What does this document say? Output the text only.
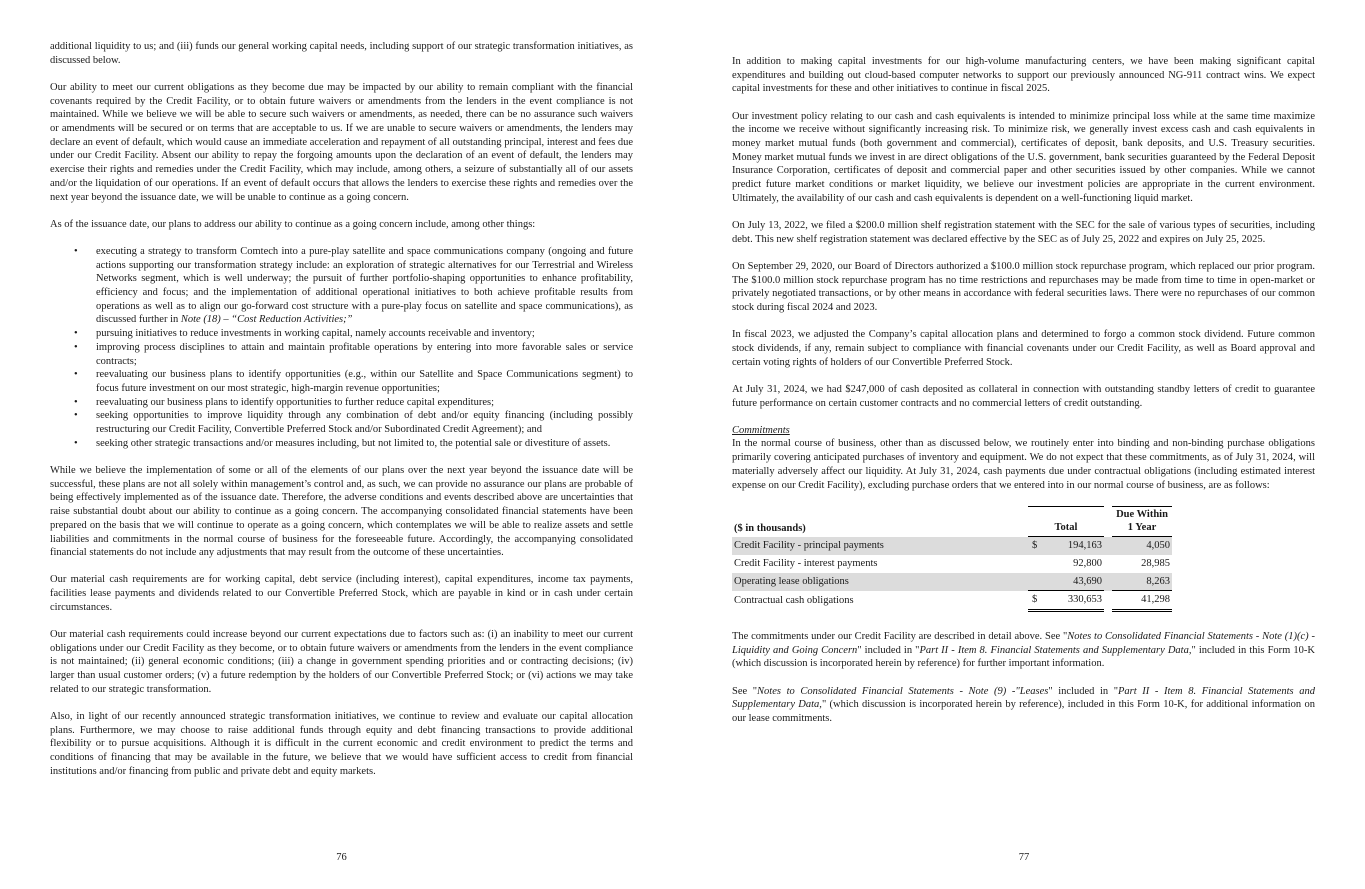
additional liquidity to us; and (iii) funds our general working capital needs, including support of our strategic transformation initiatives, as discussed below.

Our ability to meet our current obligations as they become due may be impacted by our ability to remain compliant with the financial covenants required by the Credit Facility, or to obtain future waivers or amendments from the lenders in the event compliance is not maintained. While we believe we will be able to secure such waivers or amendments, as needed, there can be no assurance such waivers or amendments will be secured or on terms that are acceptable to us. If we are unable to secure waivers or amendments, the lenders may declare an event of default, which would cause an immediate acceleration and repayment of all outstanding principal, interest and fees due under our Credit Facility. Absent our ability to repay the forgoing amounts upon the declaration of an event of default, the lenders may exercise their rights and remedies under the Credit Facility, which may include, among others, a seizure of substantially all of our assets and/or the liquidation of our operations. If an event of default occurs that allows the lenders to exercise these rights and remedies over the next year beyond the issuance date, we will be unable to continue as a going concern.

As of the issuance date, our plans to address our ability to continue as a going concern include, among other things:

• executing a strategy to transform Comtech into a pure-play satellite and space communications company (ongoing and future actions supporting our transformation strategy include: an exploration of strategic alternatives for our Terrestrial and Wireless Networks segment, which is well underway; the pursuit of further portfolio-shaping opportunities to enhance profitability, efficiency and focus; and the implementation of additional operational initiatives to both achieve profitable results from operations as well as to align our go-forward cost structure with a pure-play focus on satellite and space communications), as discussed further in Note (18) – “Cost Reduction Activities;”
• pursuing initiatives to reduce investments in working capital, namely accounts receivable and inventory;
• improving process disciplines to attain and maintain profitable operations by entering into more favorable sales or service contracts;
• reevaluating our business plans to identify opportunities (e.g., within our Satellite and Space Communications segment) to focus future investment on our most strategic, high-margin revenue opportunities;
• reevaluating our business plans to identify opportunities to further reduce capital expenditures;
• seeking opportunities to improve liquidity through any combination of debt and/or equity financing (including possibly restructuring our Credit Facility, Convertible Preferred Stock and/or Subordinated Credit Agreement); and
• seeking other strategic transactions and/or measures including, but not limited to, the potential sale or divestiture of assets.

While we believe the implementation of some or all of the elements of our plans over the next year beyond the issuance date will be successful, these plans are not all solely within management’s control and, as such, we can provide no assurance our plans are probable of being effectively implemented as of the issuance date. Therefore, the adverse conditions and events described above are uncertainties that raise substantial doubt about our ability to continue as a going concern. The accompanying consolidated financial statements have been prepared on the basis that we will continue to operate as a going concern, which contemplates we will be able to realize assets and settle liabilities and commitments in the normal course of business for the foreseeable future. Accordingly, the accompanying consolidated financial statements do not include any adjustments that may result from the outcome of these uncertainties.

Our material cash requirements are for working capital, debt service (including interest), capital expenditures, income tax payments, facilities lease payments and dividends related to our Convertible Preferred Stock, which are payable in kind or in cash under certain circumstances.

Our material cash requirements could increase beyond our current expectations due to factors such as: (i) an inability to meet our current obligations under our Credit Facility as they become, or to obtain future waivers or amendments from the lenders in the event compliance is not maintained; (ii) general economic conditions; (iii) a change in government spending priorities and or contracting decisions; (iv) larger than usual customer orders; (v) a future redemption by the holders of our Convertible Preferred Stock; or (vi) actions we may take related to our strategic transformation.

Also, in light of our recently announced strategic transformation initiatives, we continue to review and evaluate our capital allocation plans. Furthermore, we may choose to raise additional funds through equity and debt financing transactions to provide additional flexibility or to pursue acquisitions. Although it is difficult in the current economic and credit environment to predict the terms and conditions of financing that may be available in the future, we believe that we would have sufficient access to credit from financial institutions and/or financing from public and private debt and equity markets.

76

In addition to making capital investments for our high-volume manufacturing centers, we have been making significant capital expenditures and building out cloud-based computer networks to support our previously announced NG-911 contract wins. We expect capital investments for these and other initiatives to continue in fiscal 2025.

Our investment policy relating to our cash and cash equivalents is intended to minimize principal loss while at the same time maximize the income we receive without significantly increasing risk. To minimize risk, we generally invest excess cash and cash equivalents in money market mutual funds (both government and commercial), certificates of deposit, bank deposits, and U.S. Treasury securities. Money market mutual funds we invest in are direct obligations of the U.S. government, bank securities guaranteed by the Federal Deposit Insurance Corporation, certificates of deposit and commercial paper and other securities issued by other companies. While we cannot predict future market conditions or market liquidity, we believe our investment policies are appropriate in the current environment. Ultimately, the availability of our cash and cash equivalents is dependent on a well-functioning liquid market.

On July 13, 2022, we filed a $200.0 million shelf registration statement with the SEC for the sale of various types of securities, including debt. This new shelf registration statement was declared effective by the SEC as of July 25, 2022 and expires on July 25, 2025.

On September 29, 2020, our Board of Directors authorized a $100.0 million stock repurchase program, which replaced our prior program. The $100.0 million stock repurchase program has no time restrictions and repurchases may be made from time to time in open-market or privately negotiated transactions, or by other means in accordance with federal securities laws. There were no repurchases of our common stock during fiscal 2024 and 2023.

In fiscal 2023, we adjusted the Company’s capital allocation plans and determined to forgo a common stock dividend. Future common stock dividends, if any, remain subject to compliance with financial covenants under our Credit Facility, as well as Board approval and certain voting rights of holders of our Convertible Preferred Stock.

At July 31, 2024, we had $247,000 of cash deposited as collateral in connection with outstanding standby letters of credit to guarantee future performance on certain customer contracts and no commercial letters of credit outstanding.

Commitments

In the normal course of business, other than as discussed below, we routinely enter into binding and non-binding purchase obligations primarily covering anticipated purchases of inventory and equipment. We do not expect that these commitments, as of July 31, 2024, will materially adversely affect our liquidity. At July 31, 2024, cash payments due under contractual obligations (including estimated interest expense on our Credit Facility), excluding purchase orders that we entered into in our normal course of business, are as follows:

($ in thousands)	Total			Due Within
1 Year
Credit Facility - principal payments	$	194,163		4,050
Credit Facility - interest payments		92,800		28,985
Operating lease obligations		43,690		8,263
Contractual cash obligations	$	330,653		41,298

The commitments under our Credit Facility are described in detail above. See "Notes to Consolidated Financial Statements - Note (1)(c) - Liquidity and Going Concern" included in "Part II - Item 8. Financial Statements and Supplementary Data," included in this Form 10-K (which discussion is incorporated herein by reference) for further important information.

See "Notes to Consolidated Financial Statements - Note (9) -"Leases" included in "Part II - Item 8. Financial Statements and Supplementary Data," (which discussion is incorporated herein by reference), included in this Form 10-K, for additional information on our lease commitments.

77
